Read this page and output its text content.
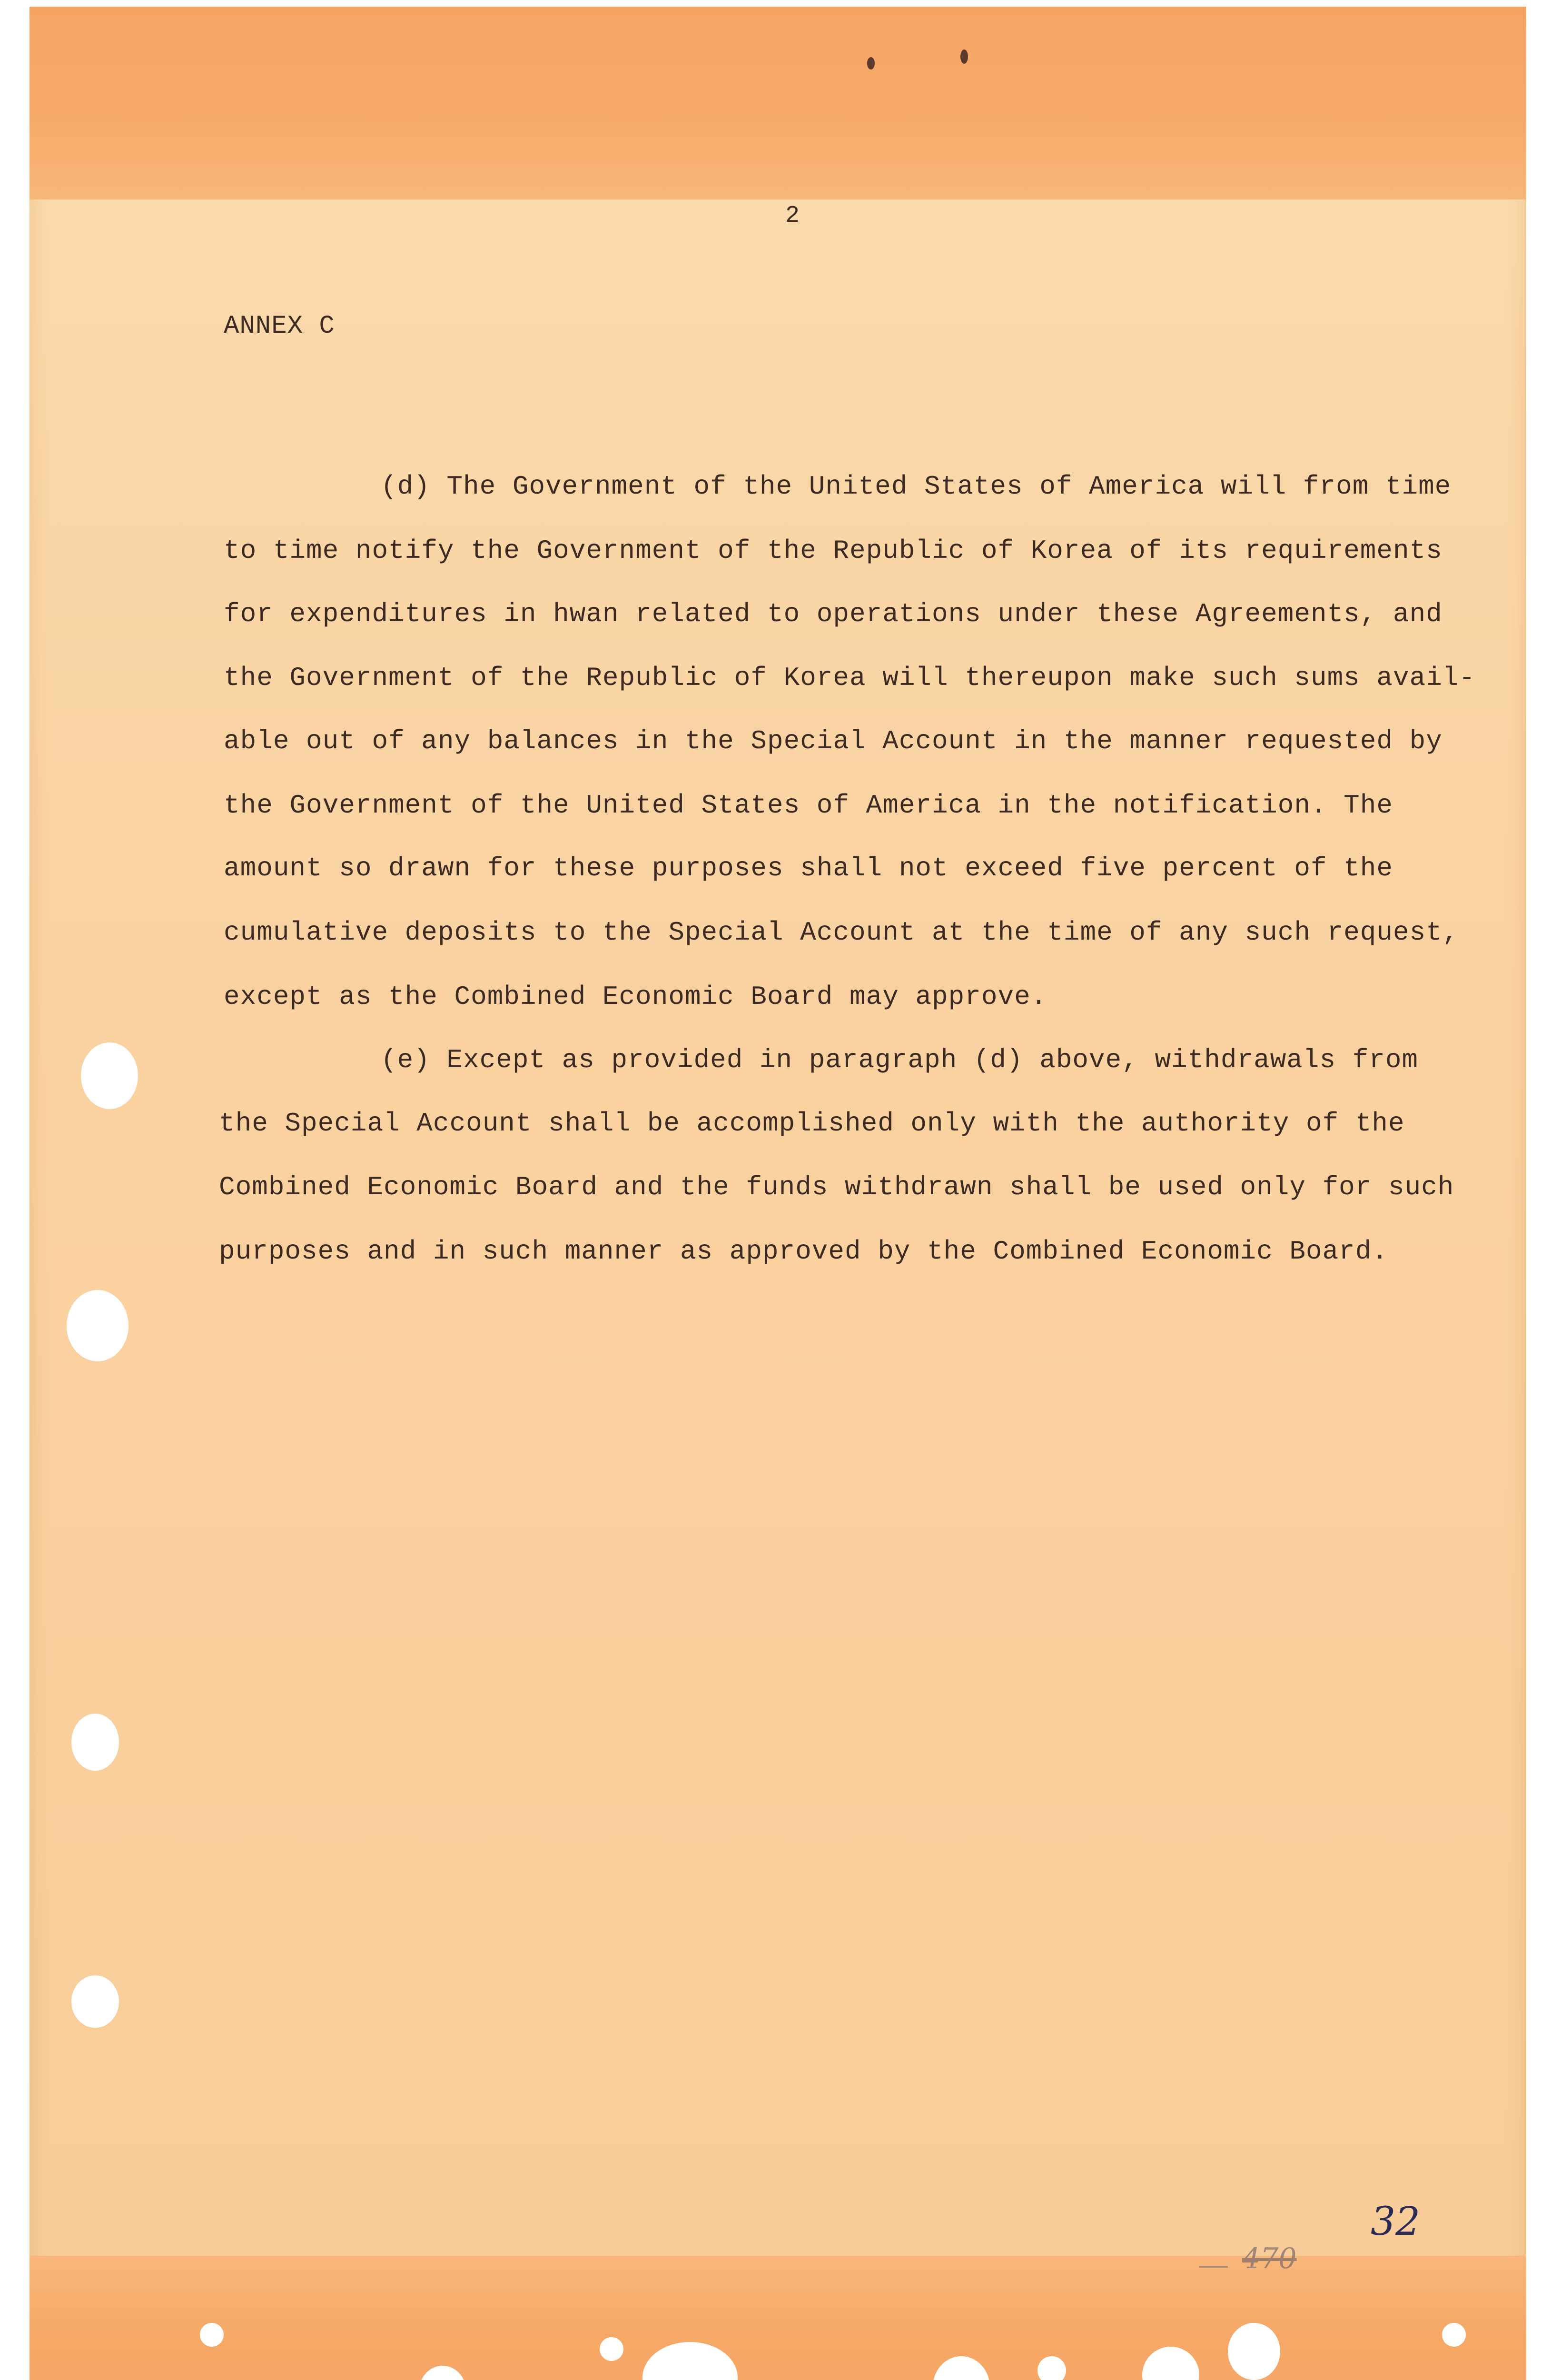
2
ANNEX C
(d) The Government of the United States of America will from time
to time notify the Government of the Republic of Korea of its requirements
for expenditures in hwan related to operations under these Agreements, and
the Government of the Republic of Korea will thereupon make such sums avail-
able out of any balances in the Special Account in the manner requested by
the Government of the United States of America in the notification. The
amount so drawn for these purposes shall not exceed five percent of the
cumulative deposits to the Special Account at the time of any such request,
except as the Combined Economic Board may approve.
(e) Except as provided in paragraph (d) above, withdrawals from
the Special Account shall be accomplished only with the authority of the
Combined Economic Board and the funds withdrawn shall be used only for such
purposes and in such manner as approved by the Combined Economic Board.
32
470
